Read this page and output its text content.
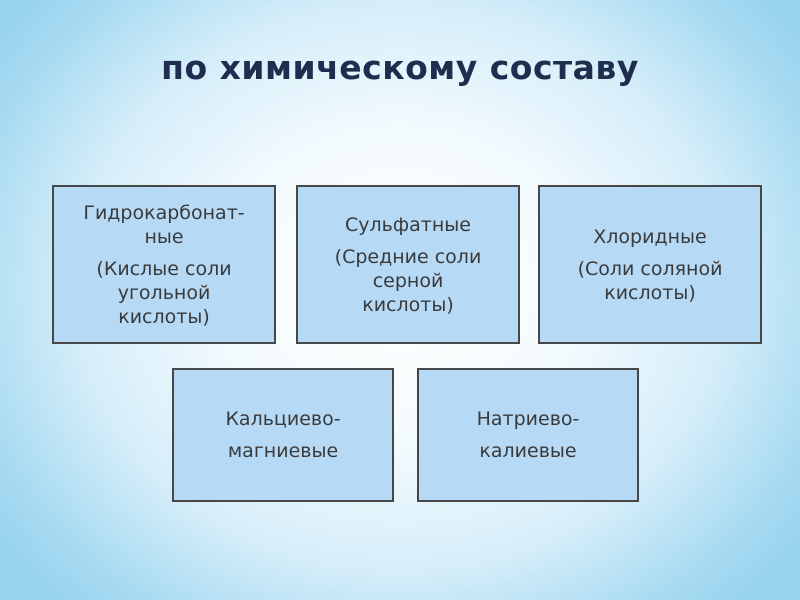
по химическому составу
Гидрокарбонат-
ные
(Кислые соли
угольной
кислоты)
Сульфатные
(Средние соли
серной
кислоты)
Хлоридные
(Соли соляной
кислоты)
Кальциево-
магниевые
Натриево-
калиевые
